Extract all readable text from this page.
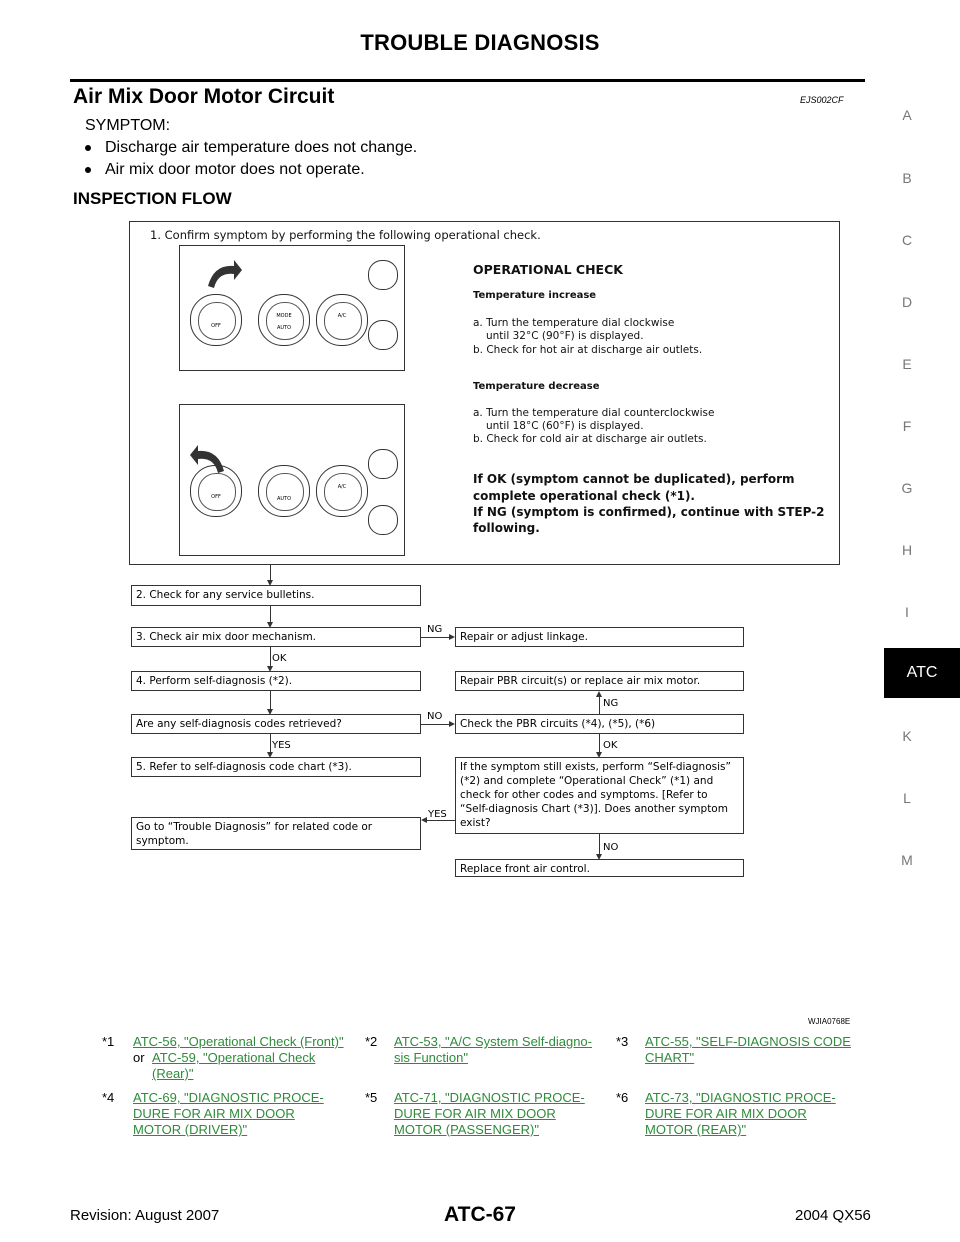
TROUBLE DIAGNOSIS
Air Mix Door Motor Circuit	EJS002CF
SYMPTOM:
Discharge air temperature does not change.
Air mix door motor does not operate.
INSPECTION FLOW
A
B
C
D
E
F
G
H
I
ATC
K
L
M
1. Confirm symptom by performing the following operational check.
OFF
MODE
AUTO
A/C
OFF	AUTO
A/C
OPERATIONAL CHECK
Temperature increase
a. Turn the temperature dial clockwise
until 32°C (90°F) is displayed.
b. Check for hot air at discharge air outlets.
Temperature decrease
a. Turn the temperature dial counterclockwise
until 18°C (60°F) is displayed.
b. Check for cold air at discharge air outlets.
If OK (symptom cannot be duplicated), perform
complete operational check (*1).
If NG (symptom is confirmed), continue with STEP-2
following.
2. Check for any service bulletins.
3. Check air mix door mechanism.
OK
4. Perform self-diagnosis (*2).
Are any self-diagnosis codes retrieved?
YES
5. Refer to self-diagnosis code chart (*3).
Go to “Trouble Diagnosis” for related code or symptom.
NG
Repair or adjust linkage.
Repair PBR circuit(s) or replace air mix motor.
NG
NO
Check the PBR circuits (*4), (*5), (*6)
OK
If the symptom still exists, perform “Self-diagnosis” (*2) and complete “Operational Check” (*1) and check for other codes and symptoms. [Refer to “Self-diagnosis Chart (*3)]. Does another symptom exist?
YES
NO
Replace front air control.
WJIA0768E
*1 ATC-56, "Operational Check (Front)"
or ATC-59, "Operational Check (Rear)"
*2 ATC-53, "A/C System Self-diagno-sis Function"
*3 ATC-55, "SELF-DIAGNOSIS CODE CHART"
*4 ATC-69, "DIAGNOSTIC PROCE-DURE FOR AIR MIX DOOR MOTOR (DRIVER)"
*5 ATC-71, "DIAGNOSTIC PROCE-DURE FOR AIR MIX DOOR MOTOR (PASSENGER)"
*6 ATC-73, "DIAGNOSTIC PROCE-DURE FOR AIR MIX DOOR MOTOR (REAR)"
Revision: August 2007	ATC-67	2004 QX56
